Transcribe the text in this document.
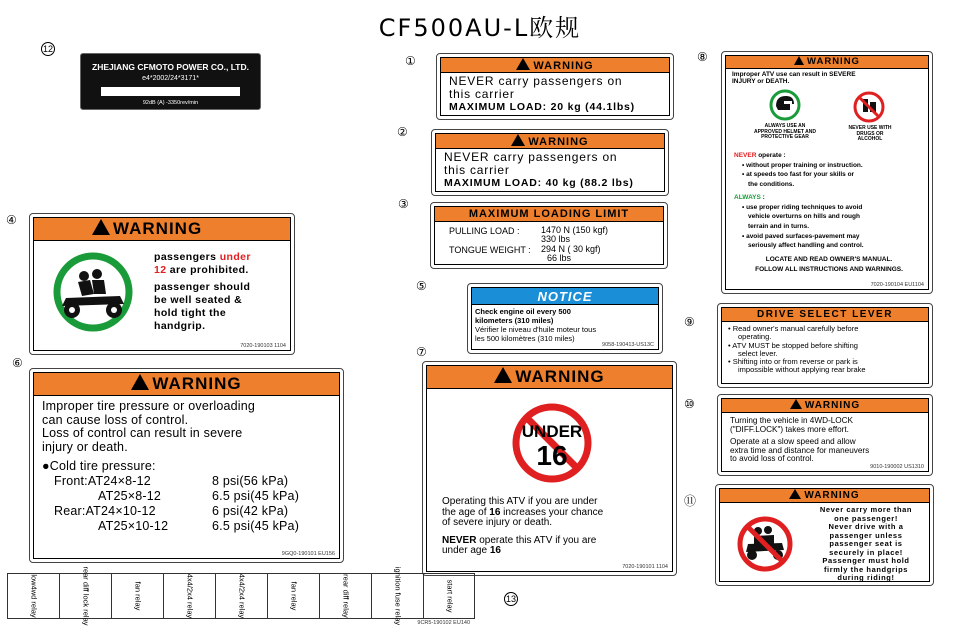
CF500AU-L欧规
12
ZHEJIANG CFMOTO POWER CO., LTD.
e4*2002/24*3171*
92dB (A) -3350rev/min
①	WARNING
NEVER carry passengers on
this carrier
MAXIMUM LOAD: 20 kg (44.1lbs)
②
WARNING
NEVER carry passengers on
this carrier
MAXIMUM LOAD: 40 kg (88.2 lbs)
③
MAXIMUM LOADING LIMIT
PULLING LOAD : 1470 N (150 kgf)
330 lbs
TONGUE WEIGHT : 294 N ( 30 kgf)
66 lbs
④	WARNING
passengers under
12 are prohibited.
passenger should
be well seated &
hold tight the
handgrip.
7020-190103 1104
⑤
NOTICE
Check engine oil every 500
kilometers (310 miles)
Vérifier le niveau d'huile moteur tous
les 500 kilomètres (310 miles)
9058-190413-US13C
⑥
WARNING
Improper tire pressure or overloading
can cause loss of control.
Loss of control can result in severe
injury or death.
●Cold tire pressure:
Front:AT24×8-12	8 psi(56 kPa)
AT25×8-12	6.5 psi(45 kPa)
Rear:AT24×10-12	6 psi(42 kPa)
AT25×10-12	6.5 psi(45 kPa)
9GQ0-190101 EU156
⑦
WARNING
UNDER
16
Operating this ATV if you are under
the age of 16 increases your chance
of severe injury or death.
NEVER operate this ATV if you are
under age 16
7020-190101 1104
⑧	WARNING
Improper ATV use can result in SEVERE
INJURY or DEATH.
ALWAYS USE AN APPROVED HELMET AND PROTECTIVE GEAR
NEVER USE WITH DRUGS OR ALCOHOL
NEVER operate :
• without proper training or instruction.
• at speeds too fast for your skills or
the conditions.
ALWAYS :
• use proper riding techniques to avoid
vehicle overturns on hills and rough
terrain and in turns.
• avoid paved surfaces-pavement may
seriously affect handling and control.
LOCATE AND READ OWNER'S MANUAL.
FOLLOW ALL INSTRUCTIONS AND WARNINGS.
7020-190104 EU1104
⑨
DRIVE SELECT LEVER
• Read owner's manual carefully before
operating.
• ATV MUST be stopped before shifting
select lever.
• Shifting into or from reverse or park is
impossible without applying rear brake
⑩	WARNING
Turning the vehicle in 4WD-LOCK
("DIFF.LOCK") takes more effort.
Operate at a slow speed and allow
extra time and distance for maneuvers
to avoid loss of control.
9010-190002 US1310
⑪	WARNING
Never carry more than
one passenger!
Never drive with a
passenger unless
passenger seat is
securely in place!
Passenger must hold
firmly the handgrips
during riding!
13
low4wd relay	rear diff lock relay	fan relay	4x4/2x4 relay	4x4/2x4 relay	fan relay	rear diff relay	ignition fuse relay	start relay
9CR5-190102 EU140
